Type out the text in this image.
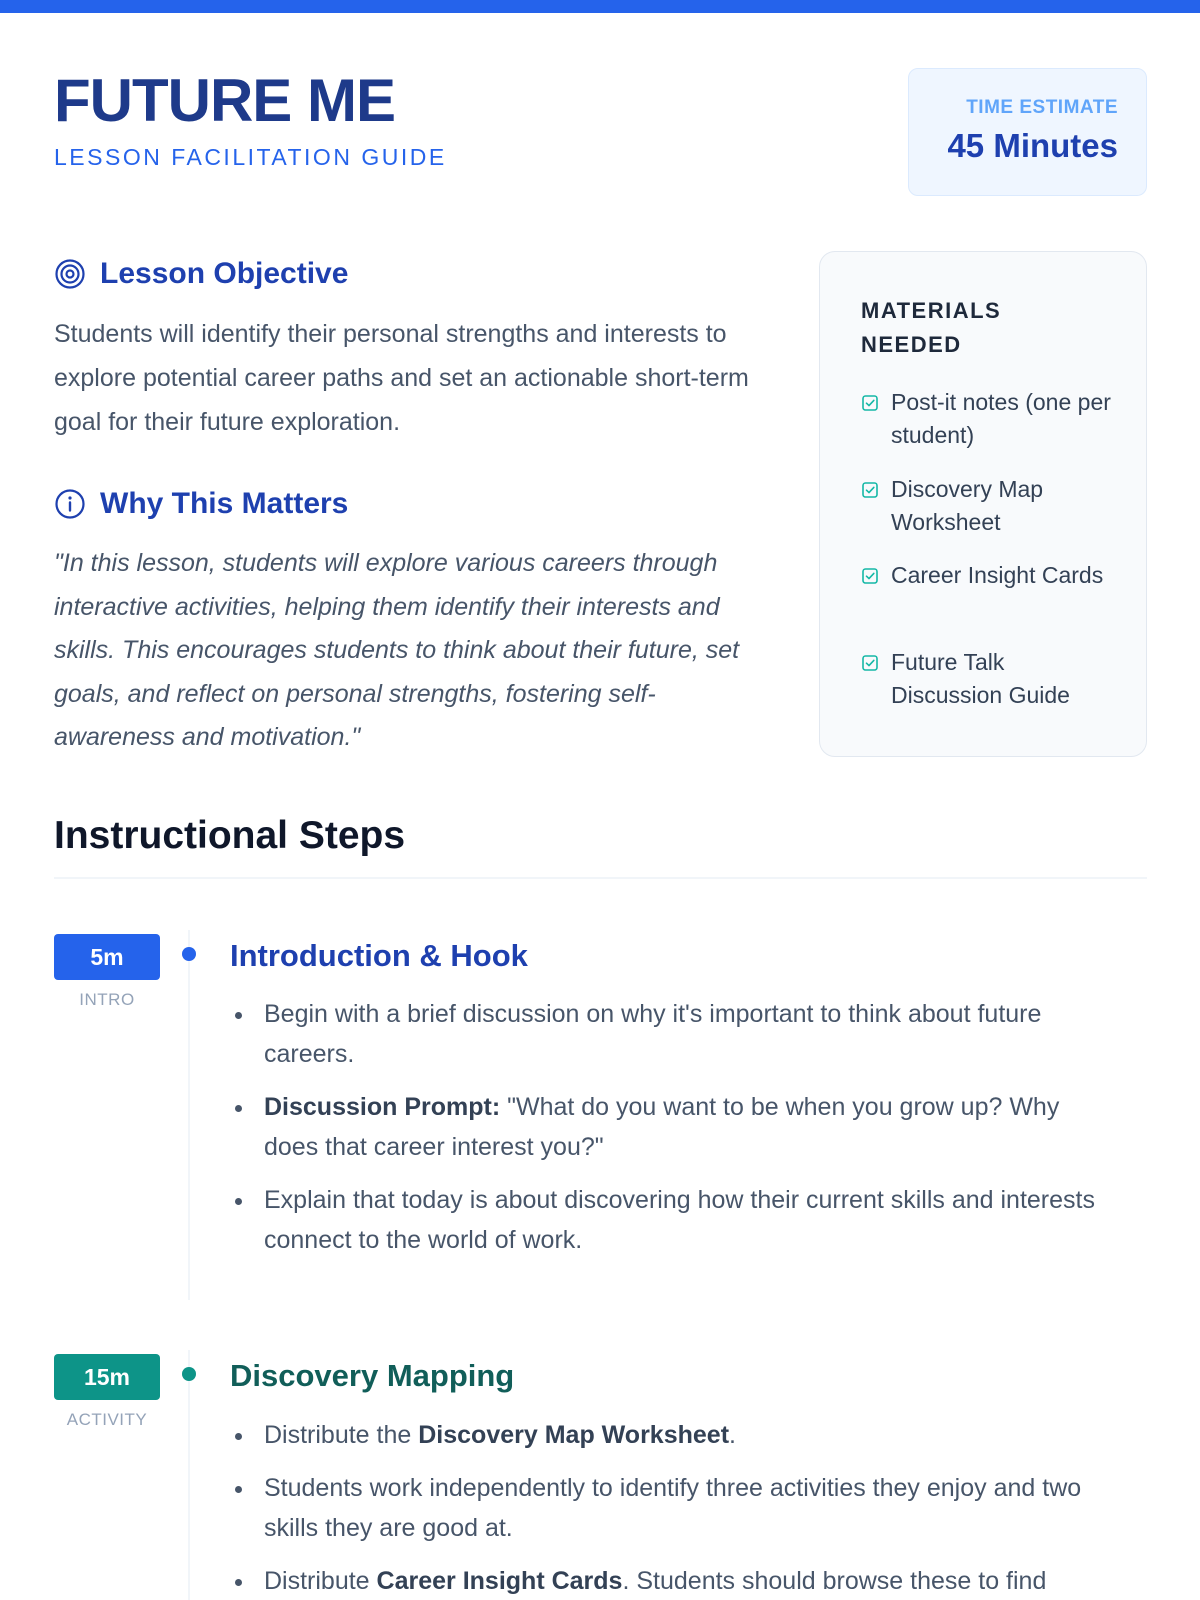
FUTURE ME
LESSON FACILITATION GUIDE
TIME ESTIMATE
45 Minutes
Lesson Objective

Students will identify their personal strengths and interests to explore potential career paths and set an actionable short-term goal for their future exploration.

Why This Matters

"In this lesson, students will explore various careers through interactive activities, helping them identify their interests and skills. This encourages students to think about their future, set goals, and reflect on personal strengths, fostering self-awareness and motivation."

MATERIALS NEEDED
Post-it notes (one per student)
Discovery Map Worksheet
Career Insight Cards
Future Talk Discussion Guide
Instructional Steps
5m
INTRO
Introduction & Hook
Begin with a brief discussion on why it's important to think about future careers.
Discussion Prompt: "What do you want to be when you grow up? Why does that career interest you?"
Explain that today is about discovering how their current skills and interests connect to the world of work.
15m
ACTIVITY
Discovery Mapping
Distribute the Discovery Map Worksheet.
Students work independently to identify three activities they enjoy and two skills they are good at.
Distribute Career Insight Cards. Students should browse these to find
